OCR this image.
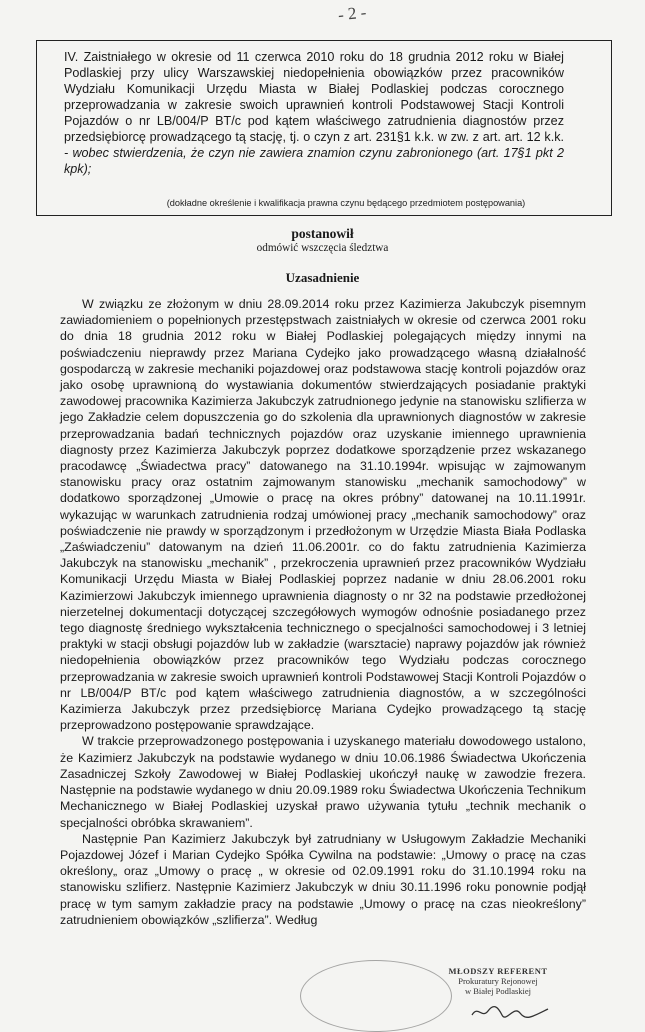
- 2 -
IV. Zaistniałego w okresie od 11 czerwca 2010 roku do 18 grudnia 2012 roku w Białej Podlaskiej przy ulicy Warszawskiej niedopełnienia obowiązków przez pracowników Wydziału Komunikacji Urzędu Miasta w Białej Podlaskiej podczas corocznego przeprowadzania w zakresie swoich uprawnień kontroli Podstawowej Stacji Kontroli Pojazdów o nr LB/004/P BT/c pod kątem właściwego zatrudnienia diagnostów przez przedsiębiorcę prowadzącego tą stację, tj. o czyn z art. 231§1 k.k. w zw. z art. art. 12 k.k. - wobec stwierdzenia, że czyn nie zawiera znamion czynu zabronionego (art. 17§1 pkt 2 kpk);
(dokładne określenie i kwalifikacja prawna czynu będącego przedmiotem postępowania)
postanowił
odmówić wszczęcia śledztwa
Uzasadnienie

W związku ze złożonym w dniu 28.09.2014 roku przez Kazimierza Jakubczyk pisemnym zawiadomieniem o popełnionych przestępstwach zaistniałych w okresie od czerwca 2001 roku do dnia 18 grudnia 2012 roku w Białej Podlaskiej polegających między innymi na poświadczeniu nieprawdy przez Mariana Cydejko jako prowadzącego własną działalność gospodarczą w zakresie mechaniki pojazdowej oraz podstawowa stację kontroli pojazdów oraz jako osobę uprawnioną do wystawiania dokumentów stwierdzających posiadanie praktyki zawodowej pracownika Kazimierza Jakubczyk zatrudnionego jedynie na stanowisku szlifierza w jego Zakładzie celem dopuszczenia go do szkolenia dla uprawnionych diagnostów w zakresie przeprowadzania badań technicznych pojazdów oraz uzyskanie imiennego uprawnienia diagnosty przez Kazimierza Jakubczyk poprzez dodatkowe sporządzenie przez wskazanego pracodawcę „Świadectwa pracy” datowanego na 31.10.1994r. wpisując w zajmowanym stanowisku pracy oraz ostatnim zajmowanym stanowisku „mechanik samochodowy” w dodatkowo sporządzonej „Umowie o pracę na okres próbny” datowanej na 10.11.1991r. wykazując w warunkach zatrudnienia rodzaj umówionej pracy „mechanik samochodowy” oraz poświadczenie nie prawdy w sporządzonym i przedłożonym w Urzędzie Miasta Biała Podlaska „Zaświadczeniu” datowanym na dzień 11.06.2001r. co do faktu zatrudnienia Kazimierza Jakubczyk na stanowisku „mechanik” , przekroczenia uprawnień przez pracowników Wydziału Komunikacji Urzędu Miasta w Białej Podlaskiej poprzez nadanie w dniu 28.06.2001 roku Kazimierzowi Jakubczyk imiennego uprawnienia diagnosty o nr 32 na podstawie przedłożonej nierzetelnej dokumentacji dotyczącej szczegółowych wymogów odnośnie posiadanego przez tego diagnostę średniego wykształcenia technicznego o specjalności samochodowej i 3 letniej praktyki w stacji obsługi pojazdów lub w zakładzie (warsztacie) naprawy pojazdów jak również niedopełnienia obowiązków przez pracowników tego Wydziału podczas corocznego przeprowadzania w zakresie swoich uprawnień kontroli Podstawowej Stacji Kontroli Pojazdów o nr LB/004/P BT/c pod kątem właściwego zatrudnienia diagnostów, a w szczególności Kazimierza Jakubczyk przez przedsiębiorcę Mariana Cydejko prowadzącego tą stację przeprowadzono postępowanie sprawdzające.

W trakcie przeprowadzonego postępowania i uzyskanego materiału dowodowego ustalono, że Kazimierz Jakubczyk na podstawie wydanego w dniu 10.06.1986 Świadectwa Ukończenia Zasadniczej Szkoły Zawodowej w Białej Podlaskiej ukończył naukę w zawodzie frezera. Następnie na podstawie wydanego w dniu 20.09.1989 roku Świadectwa Ukończenia Technikum Mechanicznego w Białej Podlaskiej uzyskał prawo używania tytułu „technik mechanik o specjalności obróbka skrawaniem”.

Następnie Pan Kazimierz Jakubczyk był zatrudniany w Usługowym Zakładzie Mechaniki Pojazdowej Józef i Marian Cydejko Spółka Cywilna na podstawie: „Umowy o pracę na czas określony„ oraz „Umowy o pracę „ w okresie od 02.09.1991 roku do 31.10.1994 roku na stanowisku szlifierz. Następnie Kazimierz Jakubczyk w dniu 30.11.1996 roku ponownie podjął pracę w tym samym zakładzie pracy na podstawie „Umowy o pracę na czas nieokreślony” zatrudnieniem obowiązków „szlifierza”. Według

MŁODSZY REFERENT
Prokuratury Rejonowej
w Białej Podlaskiej
